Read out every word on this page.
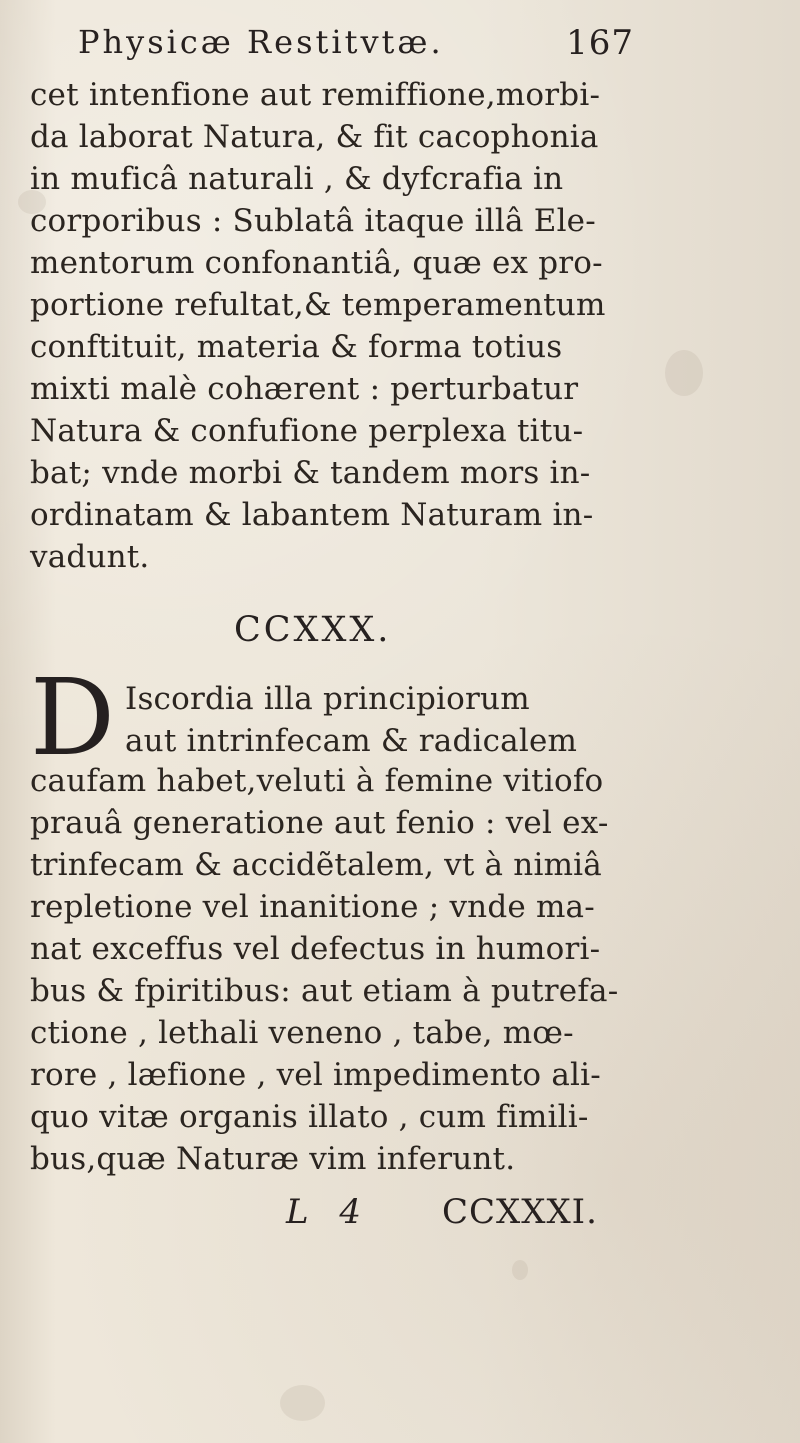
Physicæ Restitvtæ.	167
cet intenfione aut remiffione,morbi-
da laborat Natura, & fit cacophonia
in muficâ naturali , & dyfcrafia in
corporibus : Sublatâ itaque illâ Ele-
mentorum confonantiâ, quæ ex pro-
portione refultat,& temperamentum
conftituit, materia & forma totius
mixti malè cohærent : perturbatur
Natura & confufione perplexa titu-
bat; vnde morbi & tandem mors in-
ordinatam & labantem Naturam in-
vadunt.
CCXXX.
D Iscordia illa principiorum
aut intrinfecam & radicalem
caufam habet,veluti à femine vitiofo
prauâ generatione aut fenio : vel ex-
trinfecam & accidẽtalem, vt à nimiâ
repletione vel inanitione ; vnde ma-
nat exceffus vel defectus in humori-
bus & fpiritibus: aut etiam à putrefa-
ctione , lethali veneno , tabe, mœ-
rore , læfione , vel impedimento ali-
quo vitæ organis illato , cum fimili-
bus,quæ Naturæ vim inferunt.
L 4 CCXXXI.
